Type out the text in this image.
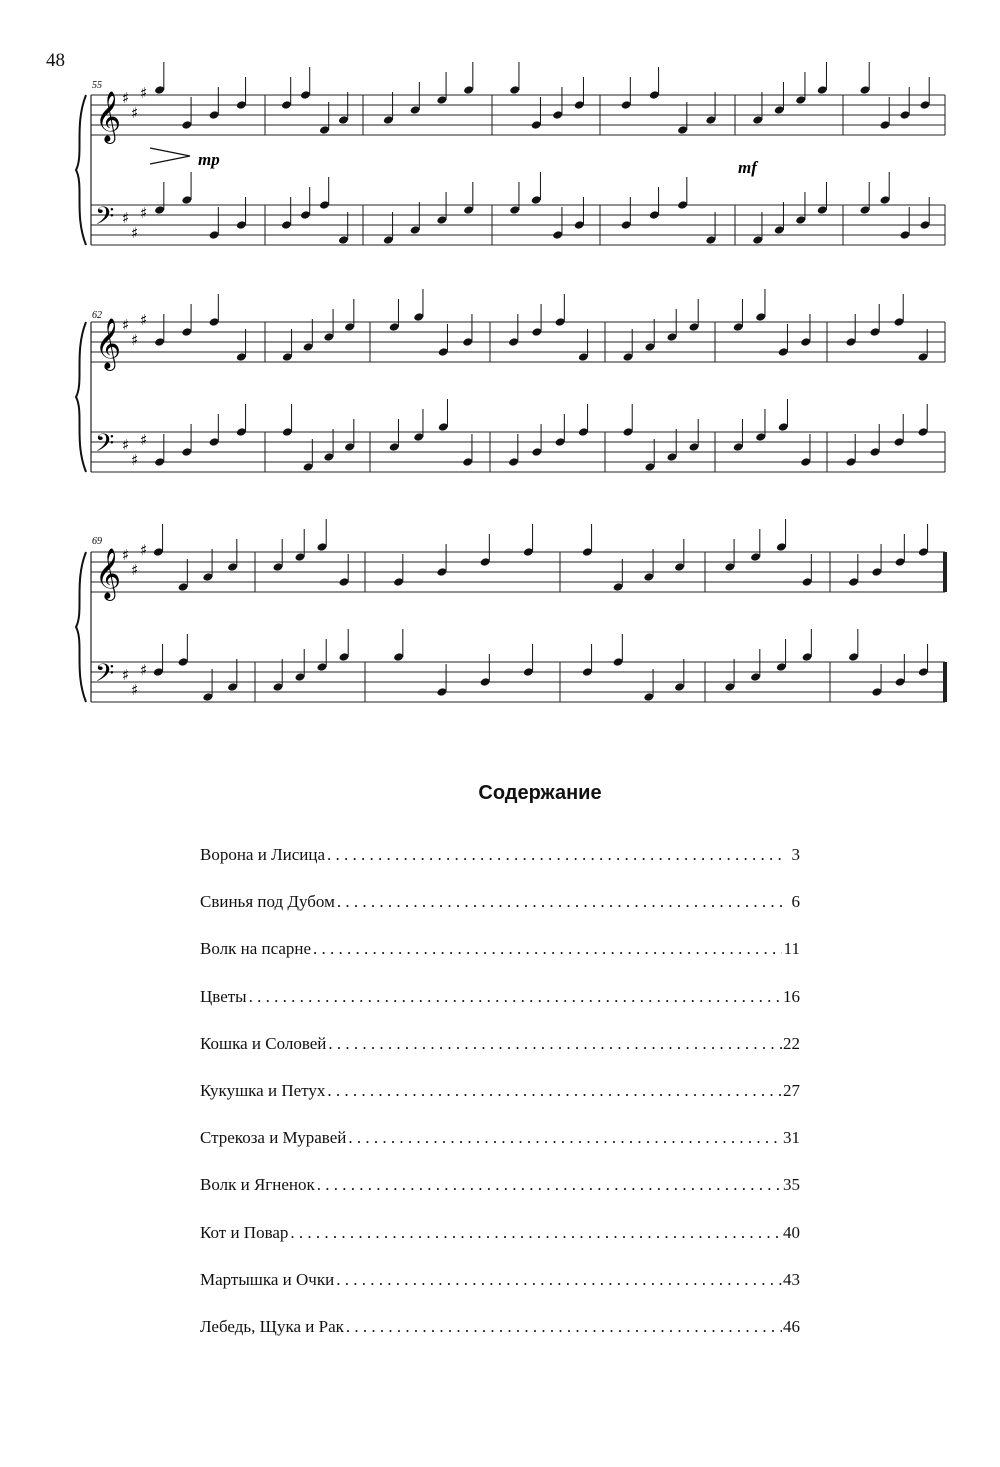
48
𝄞 ♯
♯
♯
𝄢 ♯
♯
♯
𝄞 ♯
♯
♯
𝄢 ♯
♯
♯
𝄞 ♯
♯
♯
𝄢 ♯
♯
♯
55
62
69
mp	mf
Содержание
Ворона и Лисица . . .	3
Свинья под Дубом . . .	6
Волк на псарне . . .	11
Цветы . . .	16
Кошка и Соловей . . .	22
Кукушка и Петух . . .	27
Стрекоза и Муравей . . .	31
Волк и Ягненок . . .	35
Кот и Повар . . .	40
Мартышка и Очки . . .	43
Лебедь, Щука и Рак . . .	46
